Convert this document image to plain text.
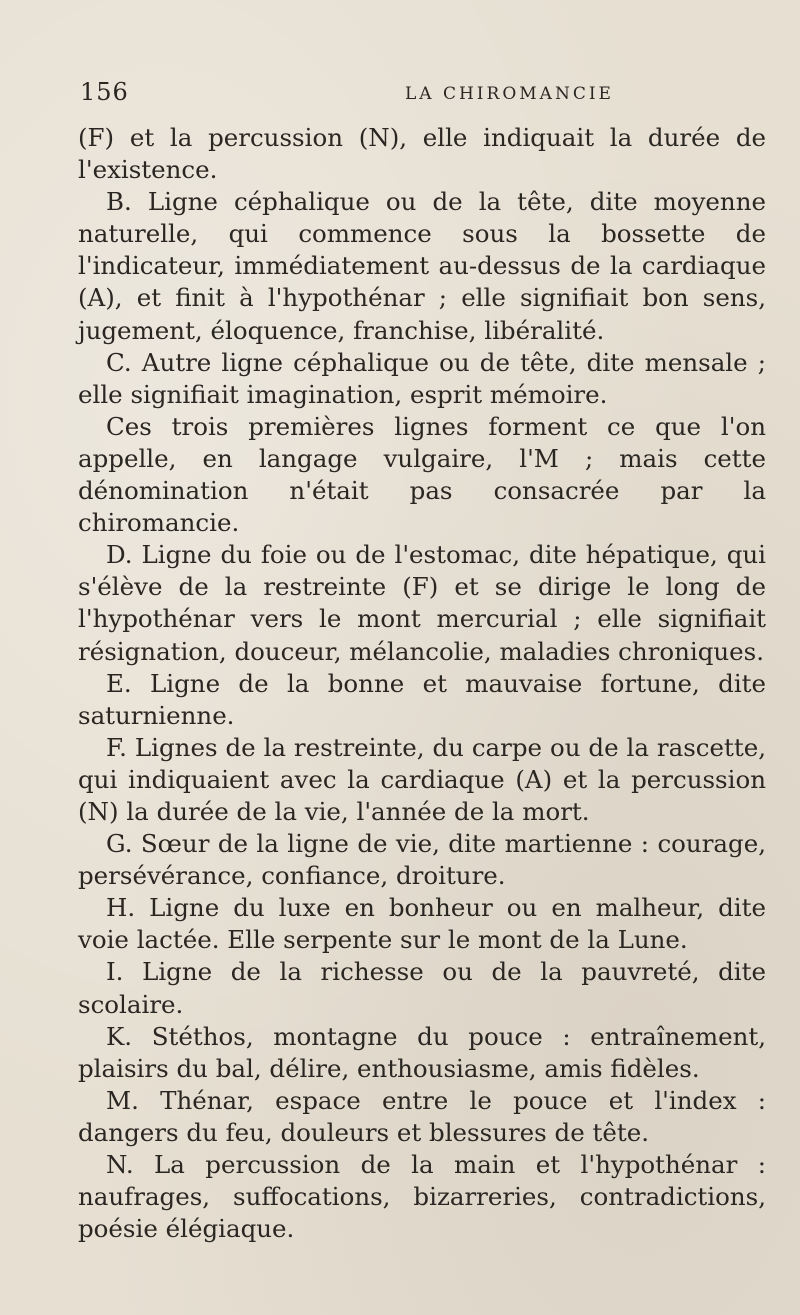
156	LA CHIROMANCIE

(F) et la percussion (N), elle indiquait la durée de l'existence.

B. Ligne céphalique ou de la tête, dite moyenne naturelle, qui commence sous la bossette de l'indicateur, immédiatement au-dessus de la cardiaque (A), et finit à l'hypothénar ; elle signifiait bon sens, jugement, éloquence, franchise, libéralité.

C. Autre ligne céphalique ou de tête, dite mensale ; elle signifiait imagination, esprit mémoire.

Ces trois premières lignes forment ce que l'on appelle, en langage vulgaire, l'M ; mais cette dénomination n'était pas consacrée par la chiromancie.

D. Ligne du foie ou de l'estomac, dite hépatique, qui s'élève de la restreinte (F) et se dirige le long de l'hypothénar vers le mont mercurial ; elle signifiait résignation, douceur, mélancolie, maladies chroniques.

E. Ligne de la bonne et mauvaise fortune, dite saturnienne.

F. Lignes de la restreinte, du carpe ou de la rascette, qui indiquaient avec la cardiaque (A) et la percussion (N) la durée de la vie, l'année de la mort.

G. Sœur de la ligne de vie, dite martienne : courage, persévérance, confiance, droiture.

H. Ligne du luxe en bonheur ou en malheur, dite voie lactée. Elle serpente sur le mont de la Lune.

I. Ligne de la richesse ou de la pauvreté, dite scolaire.

K. Stéthos, montagne du pouce : entraînement, plaisirs du bal, délire, enthousiasme, amis fidèles.

M. Thénar, espace entre le pouce et l'index : dangers du feu, douleurs et blessures de tête.

N. La percussion de la main et l'hypothénar : naufrages, suffocations, bizarreries, contradictions, poésie élégiaque.
